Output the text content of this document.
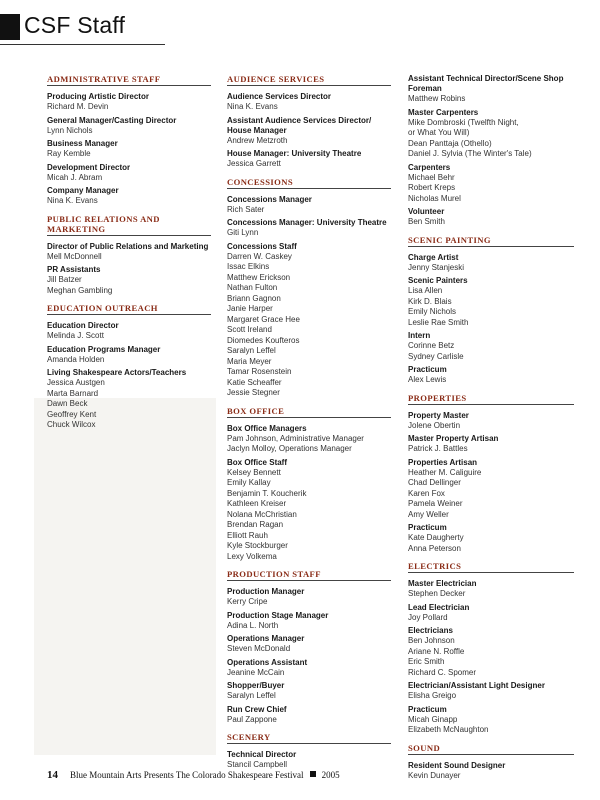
CSF Staff
ADMINISTRATIVE STAFF
Producing Artistic Director
Richard M. Devin
General Manager/Casting Director
Lynn Nichols
Business Manager
Ray Kemble
Development Director
Micah J. Abram
Company Manager
Nina K. Evans
PUBLIC RELATIONS AND MARKETING
Director of Public Relations and Marketing
Mell McDonnell
PR Assistants
Jill Batzer
Meghan Gambling
EDUCATION OUTREACH
Education Director
Melinda J. Scott
Education Programs Manager
Amanda Holden
Living Shakespeare Actors/Teachers
Jessica Austgen
Marta Barnard
Dawn Beck
Geoffrey Kent
Chuck Wilcox
AUDIENCE SERVICES
Audience Services Director
Nina K. Evans
Assistant Audience Services Director/ House Manager
Andrew Metzroth
House Manager: University Theatre
Jessica Garrett
CONCESSIONS
Concessions Manager
Rich Sater
Concessions Manager: University Theatre
Giti Lynn
Concessions Staff
Darren W. Caskey
Issac Elkins
Matthew Erickson
Nathan Fulton
Briann Gagnon
Janie Harper
Margaret Grace Hee
Scott Ireland
Diomedes Koufteros
Saralyn Leffel
Maria Meyer
Tamar Rosenstein
Katie Scheaffer
Jessie Stegner
BOX OFFICE
Box Office Managers
Pam Johnson, Administrative Manager
Jaclyn Molloy, Operations Manager
Box Office Staff
Kelsey Bennett
Emily Kallay
Benjamin T. Koucherik
Kathleen Kreiser
Nolana McChristian
Brendan Ragan
Elliott Rauh
Kyle Stockburger
Lexy Volkema
PRODUCTION STAFF
Production Manager
Kerry Cripe
Production Stage Manager
Adina L. North
Operations Manager
Steven McDonald
Operations Assistant
Jeanine McCain
Shopper/Buyer
Saralyn Leffel
Run Crew Chief
Paul Zappone
SCENERY
Technical Director
Stancil Campbell
Assistant Technical Director/Scene Shop Foreman
Matthew Robins
Master Carpenters
Mike Dombroski (Twelfth Night,
or What You Will)
Dean Panttaja (Othello)
Daniel J. Sylvia (The Winter's Tale)
Carpenters
Michael Behr
Robert Kreps
Nicholas Murel
Volunteer
Ben Smith
SCENIC PAINTING
Charge Artist
Jenny Stanjeski
Scenic Painters
Lisa Allen
Kirk D. Blais
Emily Nichols
Leslie Rae Smith
Intern
Corinne Betz
Sydney Carlisle
Practicum
Alex Lewis
PROPERTIES
Property Master
Jolene Obertin
Master Property Artisan
Patrick J. Battles
Properties Artisan
Heather M. Caliguire
Chad Dellinger
Karen Fox
Pamela Weiner
Amy Weller
Practicum
Kate Daugherty
Anna Peterson
ELECTRICS
Master Electrician
Stephen Decker
Lead Electrician
Joy Pollard
Electricians
Ben Johnson
Ariane N. Roffle
Eric Smith
Richard C. Spomer
Electrician/Assistant Light Designer
Elisha Greigo
Practicum
Micah Ginapp
Elizabeth McNaughton
SOUND
Resident Sound Designer
Kevin Dunayer
14 Blue Mountain Arts Presents The Colorado Shakespeare Festival 2005
